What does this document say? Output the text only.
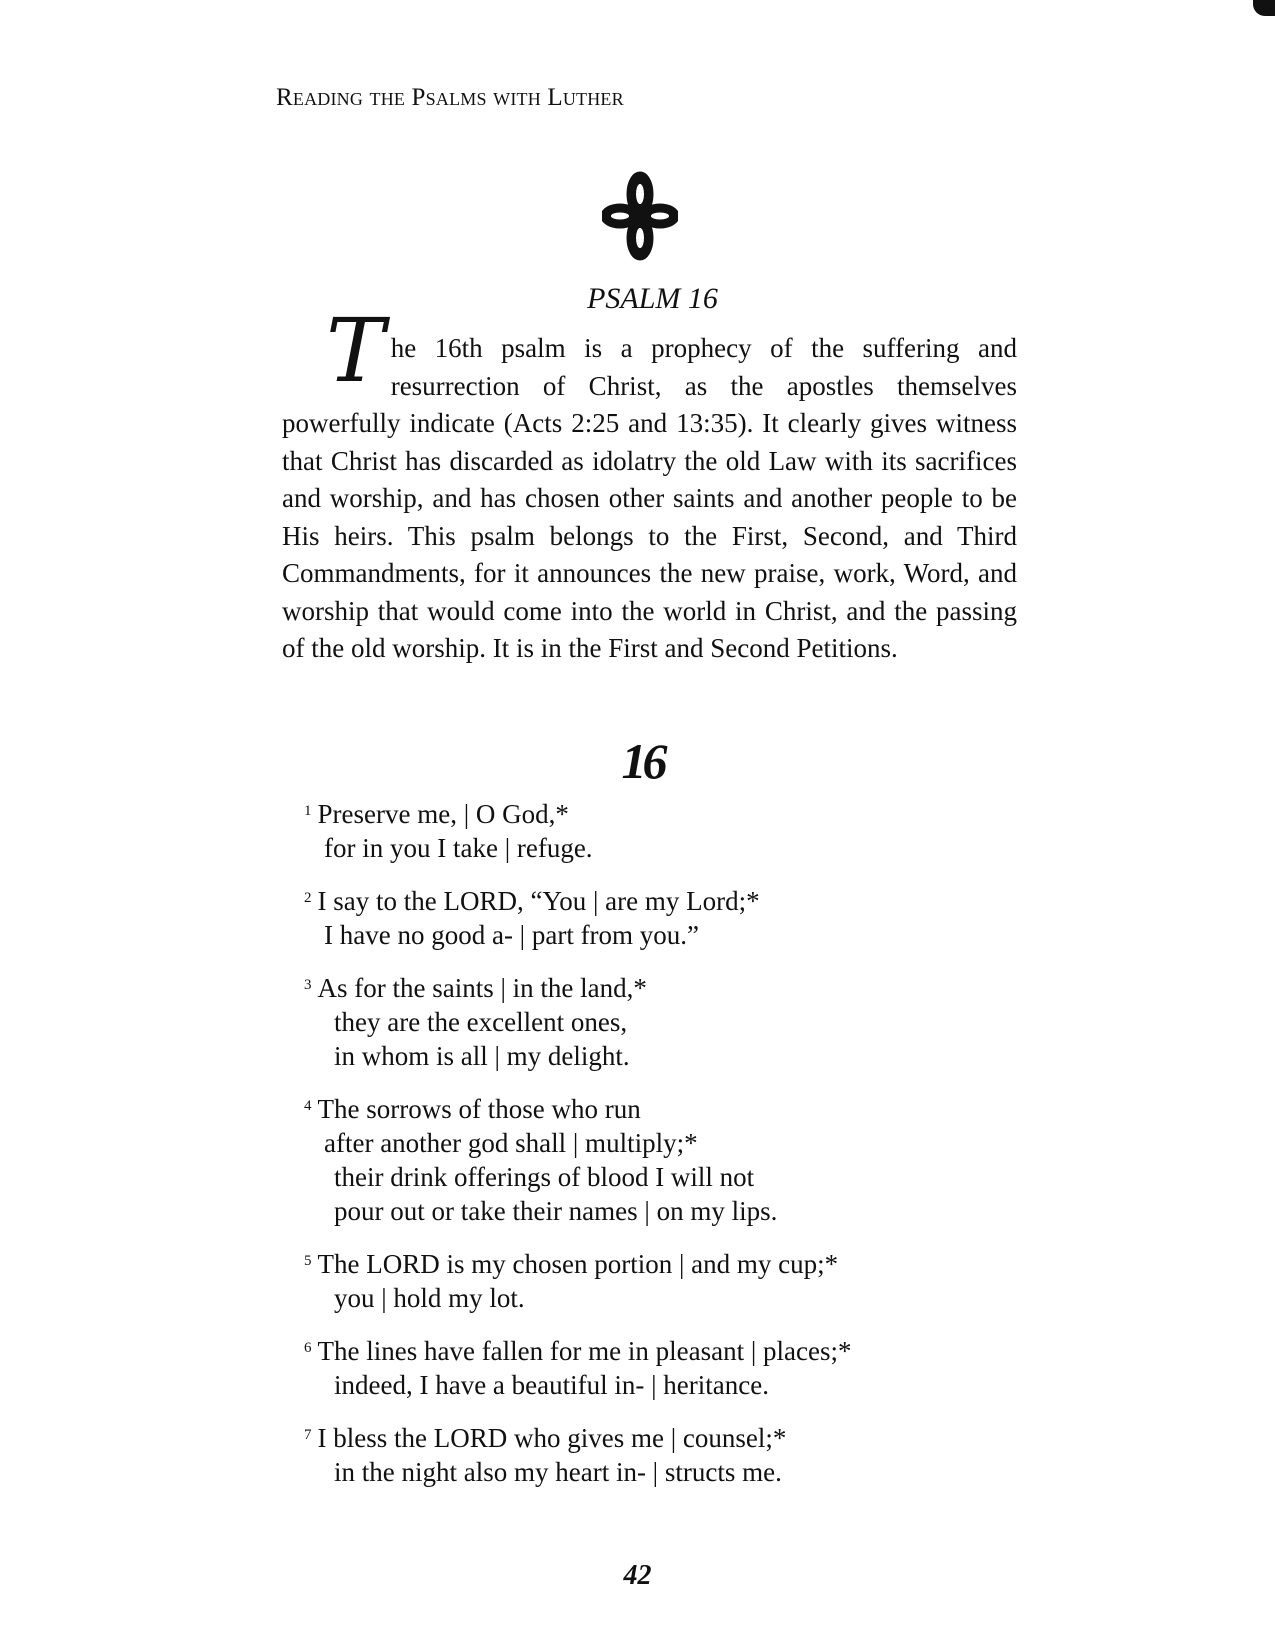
Reading the Psalms with Luther
PSALM 16
The 16th psalm is a prophecy of the suffering and resurrection of Christ, as the apostles themselves powerfully indicate (Acts 2:25 and 13:35). It clearly gives witness that Christ has discarded as idolatry the old Law with its sacrifices and worship, and has chosen other saints and another people to be His heirs. This psalm belongs to the First, Second, and Third Commandments, for it announces the new praise, work, Word, and worship that would come into the world in Christ, and the passing of the old worship. It is in the First and Second Petitions.
16
$^1$ Preserve me, | O God,*
for in you I take | refuge.
$^2$ I say to the LORD, “You | are my Lord;*
I have no good a- | part from you.”
$^3$ As for the saints | in the land,*
they are the excellent ones,
in whom is all | my delight.
$^4$ The sorrows of those who run
after another god shall | multiply;*
their drink offerings of blood I will not
pour out or take their names | on my lips.
$^5$ The LORD is my chosen portion | and my cup;*
you | hold my lot.
$^6$ The lines have fallen for me in pleasant | places;*
indeed, I have a beautiful in- | heritance.
$^7$ I bless the LORD who gives me | counsel;*
in the night also my heart in- | structs me.
42
